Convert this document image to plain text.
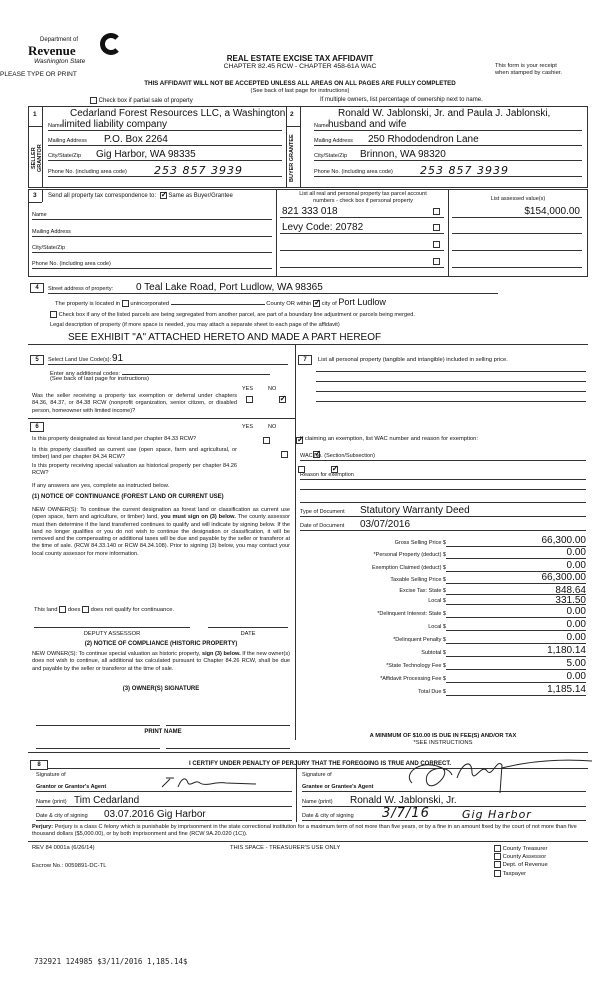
Department of
Revenue
Washington State
PLEASE TYPE OR PRINT
REAL ESTATE EXCISE TAX AFFIDAVIT
CHAPTER 82.45 RCW - CHAPTER 458-61A WAC	This form is your receipt
when stamped by cashier.
THIS AFFIDAVIT WILL NOT BE ACCEPTED UNLESS ALL AREAS ON ALL PAGES ARE FULLY COMPLETED
(See back of last page for instructions)
Check box if partial sale of property	If multiple owners, list percentage of ownership next to name.
1
SELLER GRANTOR
Cedarland Forest Resources LLC, a Washington
Name limited liability company
Mailing Address P.O. Box 2264
City/State/Zip Gig Harbor, WA 98335
Phone No. (including area code) 253 857 3939
2
BUYER GRANTEE
Ronald W. Jablonski, Jr. and Paula J. Jablonski,
Name husband and wife
Mailing Address 250 Rhododendron Lane
City/State/Zip Brinnon, WA 98320
Phone No. (including area code) 253 857 3939
3 Send all property tax correspondence to: ✓ Same as Buyer/Grantee
Name
Mailing Address
City/State/Zip
Phone No. (including area code)
List all real and personal property tax parcel account numbers - check box if personal property	List assessed value(s)
821 333 018	$154,000.00
Levy Code: 20782
4	Street address of property: 0 Teal Lake Road, Port Ludlow, WA 98365
The property is located in unincorporated	County OR within ✓ city of Port Ludlow
Check box if any of the listed parcels are being segregated from another parcel, are part of a boundary line adjustment or parcels being merged.
Legal description of property (if more space is needed, you may attach a separate sheet to each page of the affidavit)
SEE EXHIBIT "A" ATTACHED HERETO AND MADE A PART HEREOF
5	Select Land Use Code(s): 91
Enter any additional codes:
(See back of last page for instructions)
YES	NO
Was the seller receiving a property tax exemption or deferral under chapters 84.36, 84.37, or 84.38 RCW (nonprofit organization, senior citizen, or disabled person, homeowner with limited income)?
✓
6	YES	NO
Is this property designated as forest land per chapter 84.33 RCW?
✓
Is this property classified as current use (open space, farm and agricultural, or timber) land per chapter 84.34 RCW?
✓
Is this property receiving special valuation as historical property per chapter 84.26 RCW?
✓
If any answers are yes, complete as instructed below.
(1) NOTICE OF CONTINUANCE (FOREST LAND OR CURRENT USE)
NEW OWNER(S): To continue the current designation as forest land or classification as current use (open space, farm and agriculture, or timber) land, you must sign on (3) below. The county assessor must then determine if the land transferred continues to qualify and will indicate by signing below. If the land no longer qualifies or you do not wish to continue the designation or classification, it will be removed and the compensating or additional taxes will be due and payable by the seller or transferor at the time of sale. (RCW 84.33.140 or RCW 84.34.108). Prior to signing (3) below, you may contact your local county assessor for more information.
This land does does not qualify for continuance.
DEPUTY ASSESSOR	DATE
(2) NOTICE OF COMPLIANCE (HISTORIC PROPERTY)
NEW OWNER(S): To continue special valuation as historic property, sign (3) below. If the new owner(s) does not wish to continue, all additional tax calculated pursuant to Chapter 84.26 RCW, shall be due and payable by the seller or transferor at the time of sale.
(3) OWNER(S) SIGNATURE
PRINT NAME
7	List all personal property (tangible and intangible) included in selling price.
If claiming an exemption, list WAC number and reason for exemption:
WAC No. (Section/Subsection)
Reason for exemption
Type of Document Statutory Warranty Deed
Date of Document 03/07/2016
Gross Selling Price $	66,300.00
*Personal Property (deduct) $	0.00
Exemption Claimed (deduct) $	0.00
Taxable Selling Price $	66,300.00
Excise Tax: State $	848.64
Local $	331.50
*Delinquent Interest: State $	0.00
Local $	0.00
*Delinquent Penalty $	0.00
Subtotal $	1,180.14
*State Technology Fee $	5.00
*Affidavit Processing Fee $	0.00
Total Due $	1,185.14
A MINIMUM OF $10.00 IS DUE IN FEE(S) AND/OR TAX
*SEE INSTRUCTIONS
8	I CERTIFY UNDER PENALTY OF PERJURY THAT THE FOREGOING IS TRUE AND CORRECT.
Signature of
Grantor or Grantor's Agent
Name (print) Tim Cedarland
Date & city of signing 03.07.2016 Gig Harbor
Signature of
Grantee or Grantee's Agent
Name (print) Ronald W. Jablonski, Jr.
Date & city of signing 3/7/16	Gig Harbor
Perjury: Perjury is a class C felony which is punishable by imprisonment in the state correctional institution for a maximum term of not more than five years, or by a fine in an amount fixed by the court of not more than five thousand dollars ($5,000.00), or by both imprisonment and fine (RCW 9A.20.020 (1C)).
REV 84 0001a (6/26/14)	THIS SPACE - TREASURER'S USE ONLY
Escrow No.: 0059891-DC-TL
County Treasurer
County Assessor
Dept. of Revenue
Taxpayer
732921 124985 $3/11/2016 1,185.14$
